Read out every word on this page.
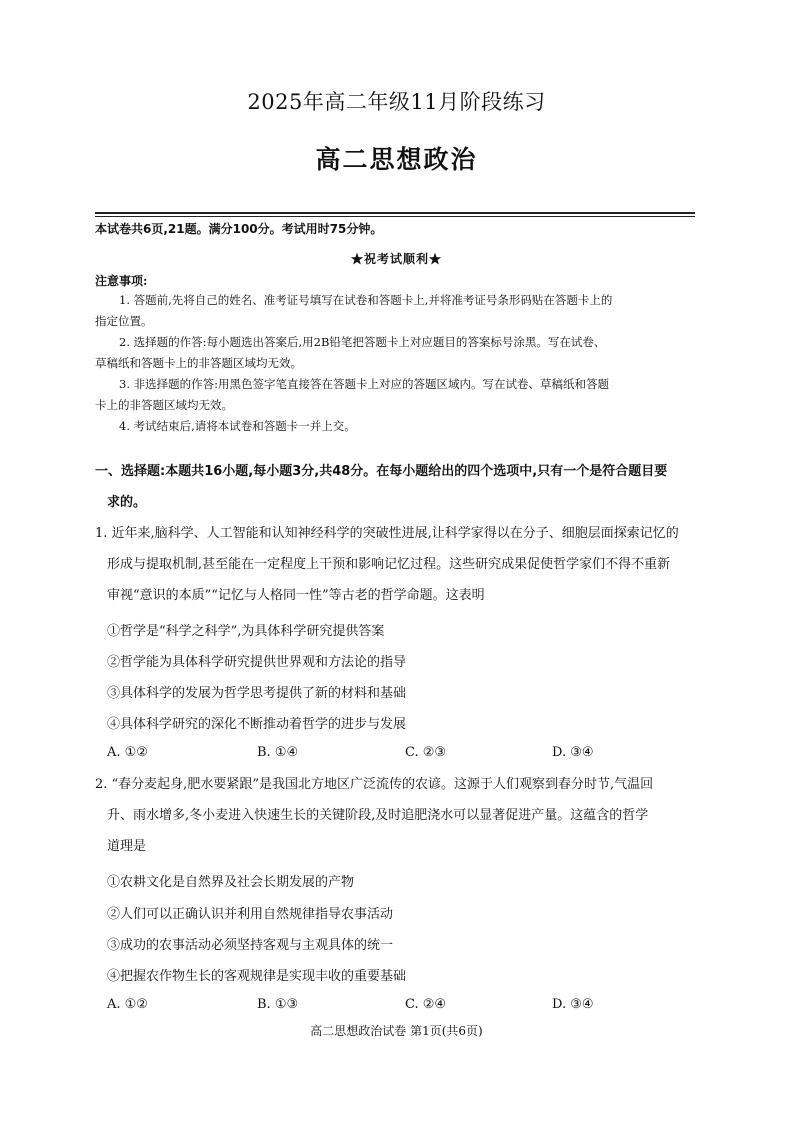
2025年高二年级11月阶段练习
高二思想政治
本试卷共6页,21题。满分100分。考试用时75分钟。
★祝考试顺利★
注意事项:
1. 答题前,先将自己的姓名、准考证号填写在试卷和答题卡上,并将准考证号条形码贴在答题卡上的
指定位置。
2. 选择题的作答:每小题选出答案后,用2B铅笔把答题卡上对应题目的答案标号涂黑。写在试卷、
草稿纸和答题卡上的非答题区域均无效。
3. 非选择题的作答:用黑色签字笔直接答在答题卡上对应的答题区域内。写在试卷、草稿纸和答题
卡上的非答题区域均无效。
4. 考试结束后,请将本试卷和答题卡一并上交。
一、选择题:本题共16小题,每小题3分,共48分。在每小题给出的四个选项中,只有一个是符合题目要
求的。
1. 近年来,脑科学、人工智能和认知神经科学的突破性进展,让科学家得以在分子、细胞层面探索记忆的
形成与提取机制,甚至能在一定程度上干预和影响记忆过程。这些研究成果促使哲学家们不得不重新
审视“意识的本质”“记忆与人格同一性”等古老的哲学命题。这表明
①哲学是“科学之科学”,为具体科学研究提供答案
②哲学能为具体科学研究提供世界观和方法论的指导
③具体科学的发展为哲学思考提供了新的材料和基础
④具体科学研究的深化不断推动着哲学的进步与发展
A. ①②	B. ①④	C. ②③	D. ③④
2. “春分麦起身,肥水要紧跟”是我国北方地区广泛流传的农谚。这源于人们观察到春分时节,气温回
升、雨水增多,冬小麦进入快速生长的关键阶段,及时追肥浇水可以显著促进产量。这蕴含的哲学
道理是
①农耕文化是自然界及社会长期发展的产物
②人们可以正确认识并利用自然规律指导农事活动
③成功的农事活动必须坚持客观与主观具体的统一
④把握农作物生长的客观规律是实现丰收的重要基础
A. ①②	B. ①③	C. ②④	D. ③④
高二思想政治试卷 第1页(共6页)
